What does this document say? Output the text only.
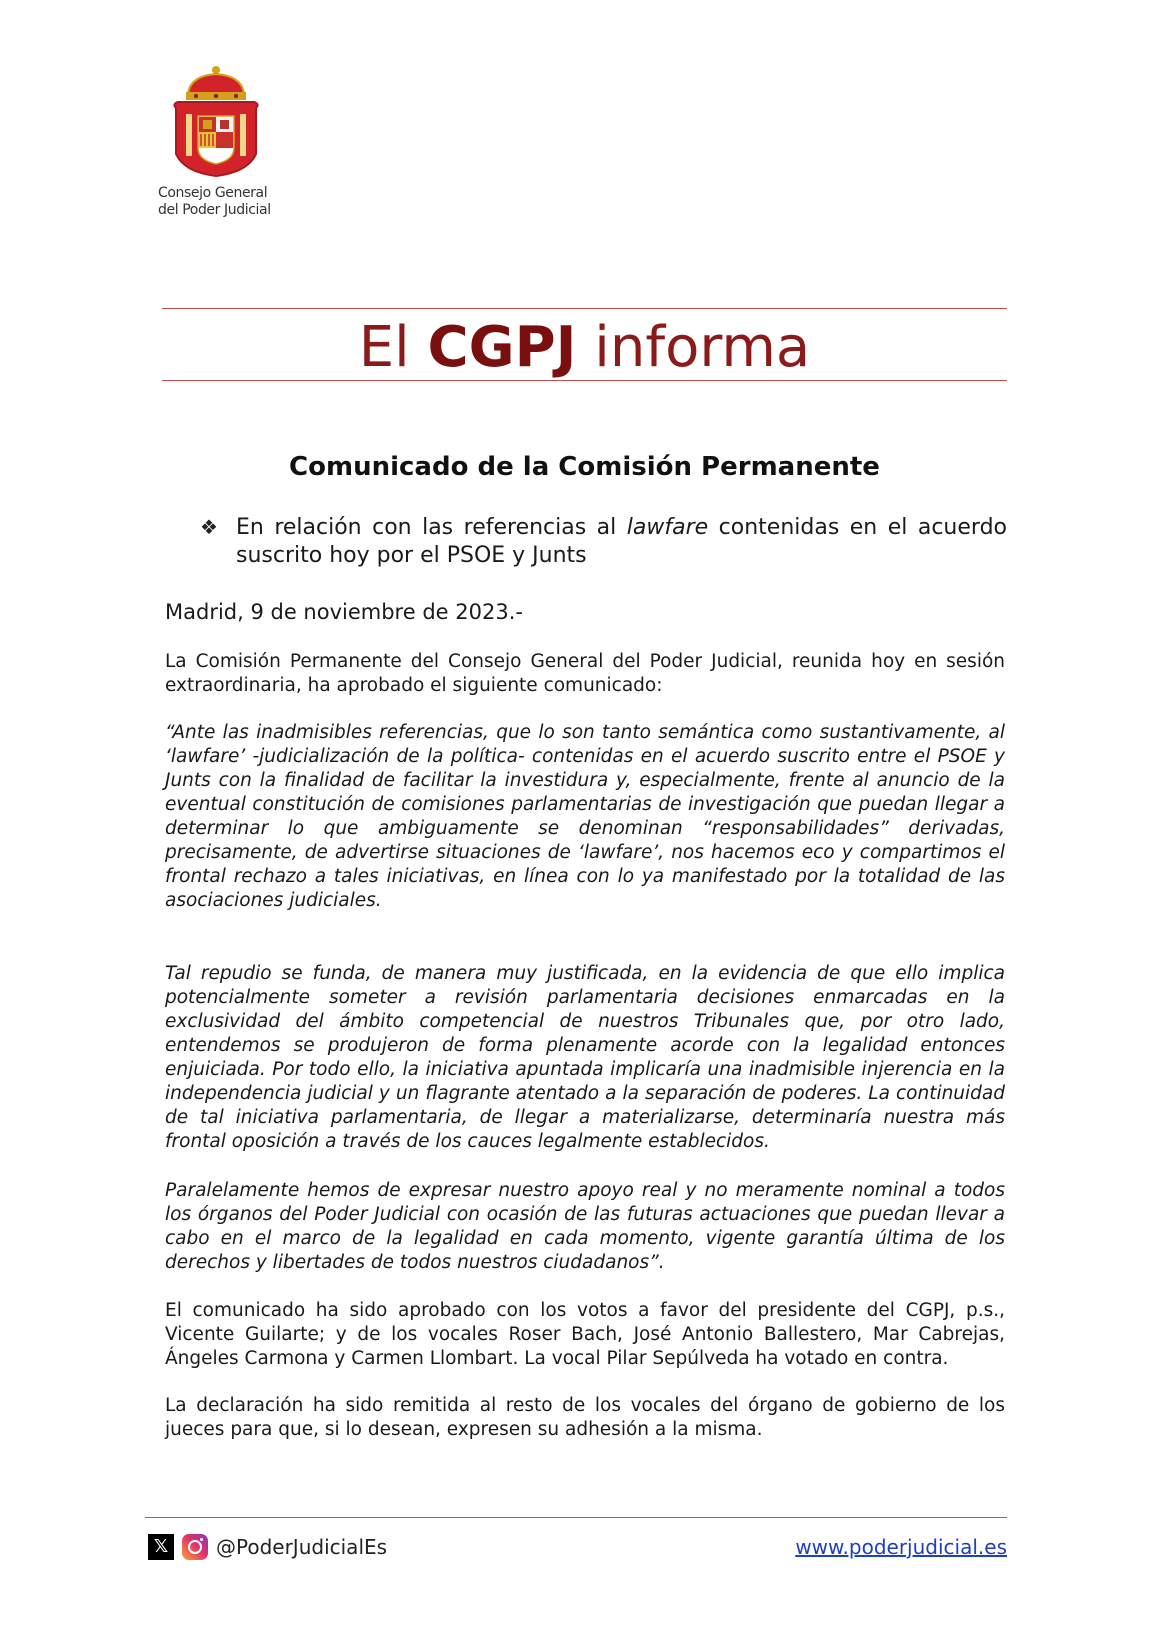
Consejo General
del Poder Judicial
El CGPJ informa
Comunicado de la Comisión Permanente
❖ En relación con las referencias al lawfare contenidas en el acuerdo suscrito hoy por el PSOE y Junts
Madrid, 9 de noviembre de 2023.-
La Comisión Permanente del Consejo General del Poder Judicial, reunida hoy en sesión extraordinaria, ha aprobado el siguiente comunicado:
“Ante las inadmisibles referencias, que lo son tanto semántica como sustantivamente, al ‘lawfare’ -judicialización de la política- contenidas en el acuerdo suscrito entre el PSOE y Junts con la finalidad de facilitar la investidura y, especialmente, frente al anuncio de la eventual constitución de comisiones parlamentarias de investigación que puedan llegar a determinar lo que ambiguamente se denominan “responsabilidades” derivadas, precisamente, de advertirse situaciones de ‘lawfare’, nos hacemos eco y compartimos el frontal rechazo a tales iniciativas, en línea con lo ya manifestado por la totalidad de las asociaciones judiciales.
Tal repudio se funda, de manera muy justificada, en la evidencia de que ello implica potencialmente someter a revisión parlamentaria decisiones enmarcadas en la exclusividad del ámbito competencial de nuestros Tribunales que, por otro lado, entendemos se produjeron de forma plenamente acorde con la legalidad entonces enjuiciada. Por todo ello, la iniciativa apuntada implicaría una inadmisible injerencia en la independencia judicial y un flagrante atentado a la separación de poderes. La continuidad de tal iniciativa parlamentaria, de llegar a materializarse, determinaría nuestra más frontal oposición a través de los cauces legalmente establecidos.
Paralelamente hemos de expresar nuestro apoyo real y no meramente nominal a todos los órganos del Poder Judicial con ocasión de las futuras actuaciones que puedan llevar a cabo en el marco de la legalidad en cada momento, vigente garantía última de los derechos y libertades de todos nuestros ciudadanos”.
El comunicado ha sido aprobado con los votos a favor del presidente del CGPJ, p.s., Vicente Guilarte; y de los vocales Roser Bach, José Antonio Ballestero, Mar Cabrejas, Ángeles Carmona y Carmen Llombart. La vocal Pilar Sepúlveda ha votado en contra.
La declaración ha sido remitida al resto de los vocales del órgano de gobierno de los jueces para que, si lo desean, expresen su adhesión a la misma.
𝕏 @PoderJudicialEs	www.poderjudicial.es
